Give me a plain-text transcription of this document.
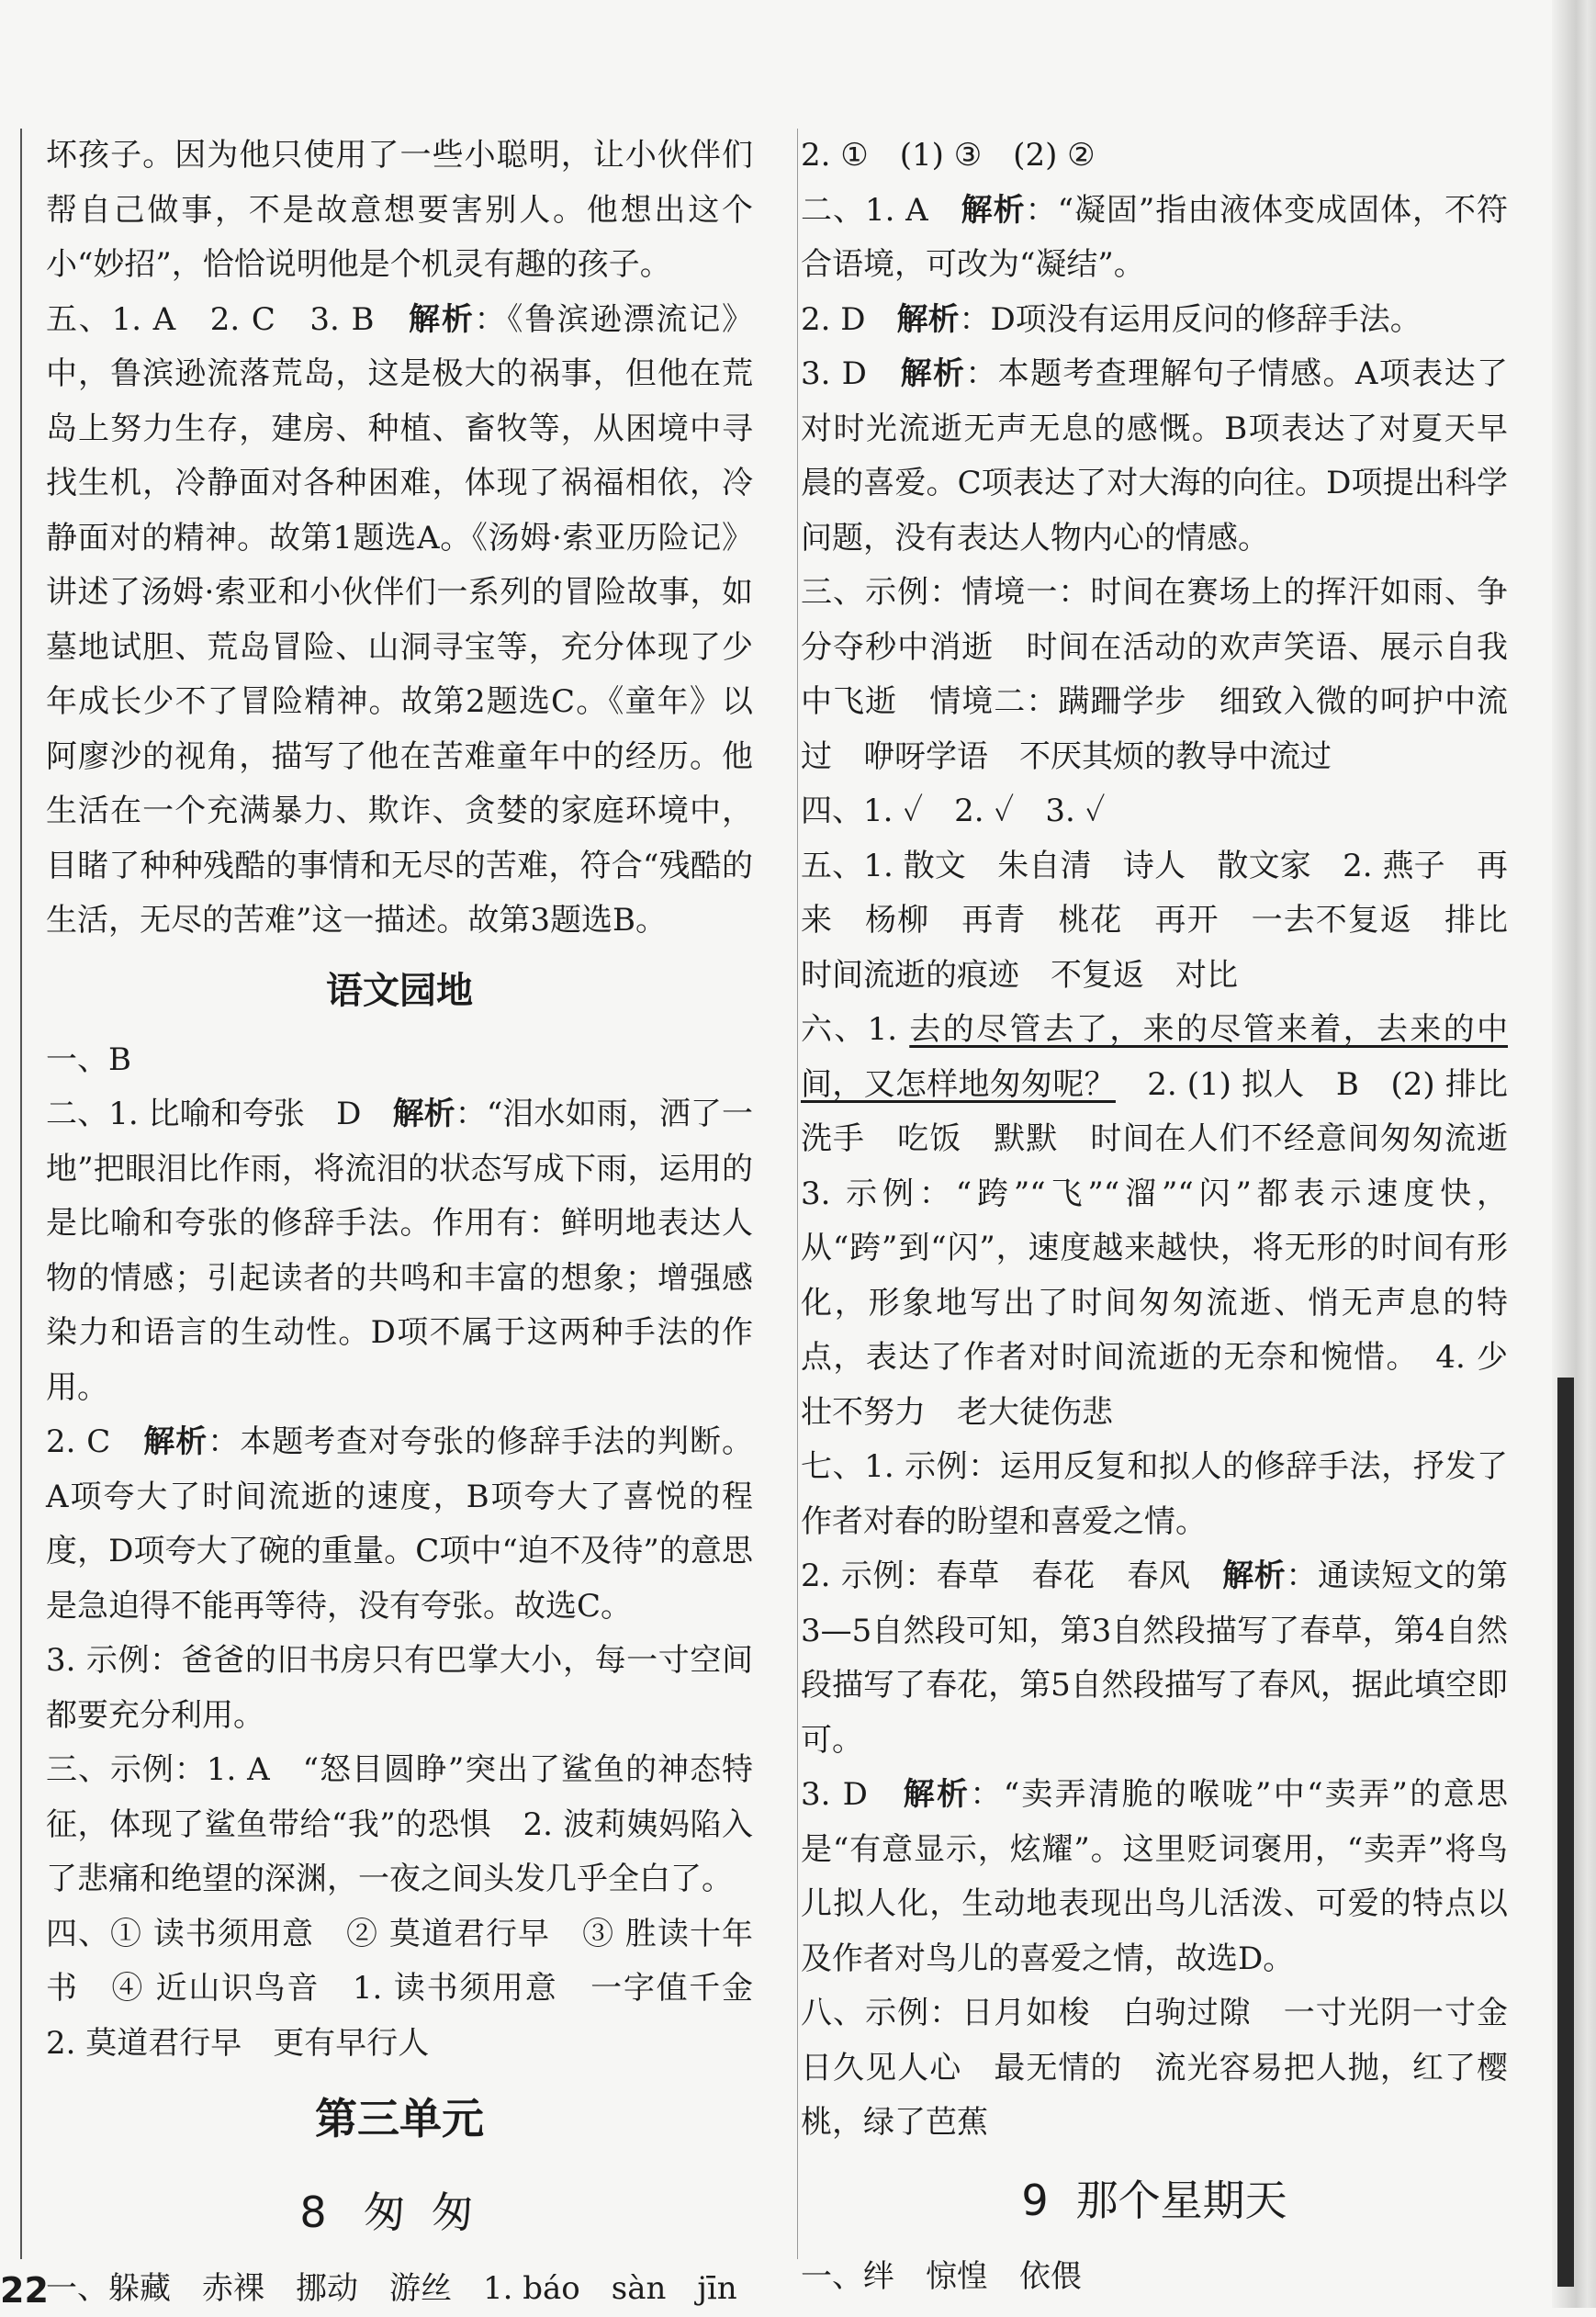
坏孩子。因为他只使用了一些小聪明，让小伙伴们帮自己做事，不是故意想要害别人。他想出这个小“妙招”，恰恰说明他是个机灵有趣的孩子。

五、1. A　2. C　3. B　解析：《鲁滨逊漂流记》中，鲁滨逊流落荒岛，这是极大的祸事，但他在荒岛上努力生存，建房、种植、畜牧等，从困境中寻找生机，冷静面对各种困难，体现了祸福相依，冷静面对的精神。故第1题选A。《汤姆·索亚历险记》讲述了汤姆·索亚和小伙伴们一系列的冒险故事，如墓地试胆、荒岛冒险、山洞寻宝等，充分体现了少年成长少不了冒险精神。故第2题选C。《童年》以阿廖沙的视角，描写了他在苦难童年中的经历。他生活在一个充满暴力、欺诈、贪婪的家庭环境中，目睹了种种残酷的事情和无尽的苦难，符合“残酷的生活，无尽的苦难”这一描述。故第3题选B。

语文园地

一、B

二、1. 比喻和夸张　D　解析：“泪水如雨，洒了一地”把眼泪比作雨，将流泪的状态写成下雨，运用的是比喻和夸张的修辞手法。作用有：鲜明地表达人物的情感；引起读者的共鸣和丰富的想象；增强感染力和语言的生动性。D项不属于这两种手法的作用。

2. C　解析：本题考查对夸张的修辞手法的判断。A项夸大了时间流逝的速度，B项夸大了喜悦的程度，D项夸大了碗的重量。C项中“迫不及待”的意思是急迫得不能再等待，没有夸张。故选C。

3. 示例：爸爸的旧书房只有巴掌大小，每一寸空间都要充分利用。

三、示例：1. A　“怒目圆睁”突出了鲨鱼的神态特征，体现了鲨鱼带给“我”的恐惧　2. 波莉姨妈陷入了悲痛和绝望的深渊，一夜之间头发几乎全白了。

四、① 读书须用意　② 莫道君行早　③ 胜读十年书　④ 近山识鸟音　1. 读书须用意　一字值千金　2. 莫道君行早　更有早行人

第三单元
8 匆匆

一、躲藏　赤裸　挪动　游丝　1. báo　sàn　jīn

2. ①　(1) ③　(2) ②

二、1. A　解析：“凝固”指由液体变成固体，不符合语境，可改为“凝结”。

2. D　解析：D项没有运用反问的修辞手法。

3. D　解析：本题考查理解句子情感。A项表达了对时光流逝无声无息的感慨。B项表达了对夏天早晨的喜爱。C项表达了对大海的向往。D项提出科学问题，没有表达人物内心的情感。

三、示例：情境一：时间在赛场上的挥汗如雨、争分夺秒中消逝　时间在活动的欢声笑语、展示自我中飞逝　情境二：蹒跚学步　细致入微的呵护中流过　咿呀学语　不厌其烦的教导中流过

四、1. ✓　2. ✓　3. ✓

五、1. 散文　朱自清　诗人　散文家　2. 燕子　再来　杨柳　再青　桃花　再开　一去不复返　排比　时间流逝的痕迹　不复返　对比

六、1. 去的尽管去了，来的尽管来着，去来的中间，又怎样地匆匆呢？　2. (1) 拟人　B　(2) 排比　洗手　吃饭　默默　时间在人们不经意间匆匆流逝　3. 示例：“跨”“飞”“溜”“闪”都表示速度快，从“跨”到“闪”，速度越来越快，将无形的时间有形化，形象地写出了时间匆匆流逝、悄无声息的特点，表达了作者对时间流逝的无奈和惋惜。　4. 少壮不努力　老大徒伤悲

七、1. 示例：运用反复和拟人的修辞手法，抒发了作者对春的盼望和喜爱之情。

2. 示例：春草　春花　春风　解析：通读短文的第3—5自然段可知，第3自然段描写了春草，第4自然段描写了春花，第5自然段描写了春风，据此填空即可。

3. D　解析：“卖弄清脆的喉咙”中“卖弄”的意思是“有意显示，炫耀”。这里贬词褒用，“卖弄”将鸟儿拟人化，生动地表现出鸟儿活泼、可爱的特点以及作者对鸟儿的喜爱之情，故选D。

八、示例：日月如梭　白驹过隙　一寸光阴一寸金　日久见人心　最无情的　流光容易把人抛，红了樱桃，绿了芭蕉

9 那个星期天

一、绊　惊惶　依偎

22
